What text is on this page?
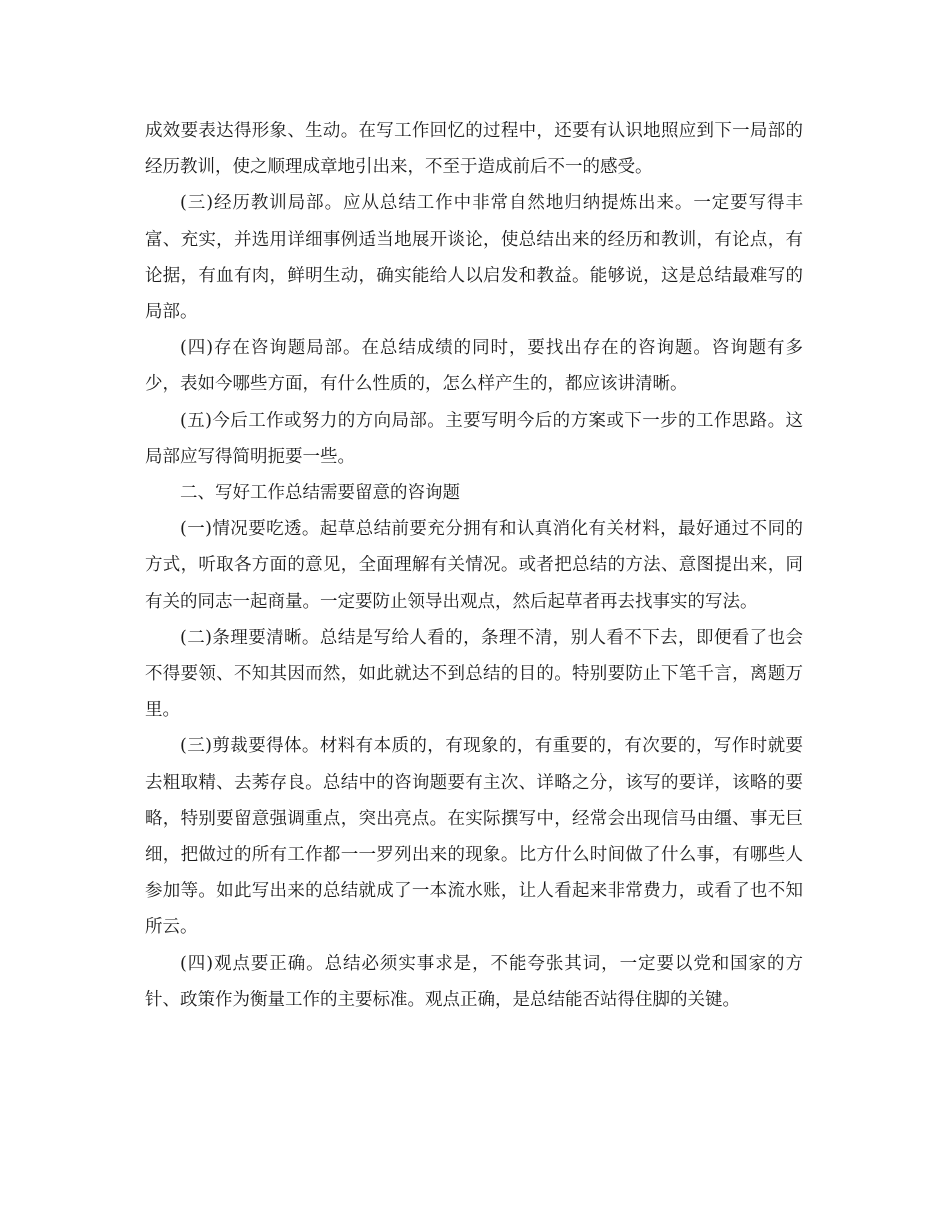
成效要表达得形象、生动。在写工作回忆的过程中，还要有认识地照应到下一局部的经历教训，使之顺理成章地引出来，不至于造成前后不一的感受。

(三)经历教训局部。应从总结工作中非常自然地归纳提炼出来。一定要写得丰富、充实，并选用详细事例适当地展开谈论，使总结出来的经历和教训，有论点，有论据，有血有肉，鲜明生动，确实能给人以启发和教益。能够说，这是总结最难写的局部。

(四)存在咨询题局部。在总结成绩的同时，要找出存在的咨询题。咨询题有多少，表如今哪些方面，有什么性质的，怎么样产生的，都应该讲清晰。

(五)今后工作或努力的方向局部。主要写明今后的方案或下一步的工作思路。这局部应写得简明扼要一些。

二、写好工作总结需要留意的咨询题

(一)情况要吃透。起草总结前要充分拥有和认真消化有关材料，最好通过不同的方式，听取各方面的意见，全面理解有关情况。或者把总结的方法、意图提出来，同有关的同志一起商量。一定要防止领导出观点，然后起草者再去找事实的写法。

(二)条理要清晰。总结是写给人看的，条理不清，别人看不下去，即便看了也会不得要领、不知其因而然，如此就达不到总结的目的。特别要防止下笔千言，离题万里。

(三)剪裁要得体。材料有本质的，有现象的，有重要的，有次要的，写作时就要去粗取精、去莠存良。总结中的咨询题要有主次、详略之分，该写的要详，该略的要略，特别要留意强调重点，突出亮点。在实际撰写中，经常会出现信马由缰、事无巨细，把做过的所有工作都一一罗列出来的现象。比方什么时间做了什么事，有哪些人参加等。如此写出来的总结就成了一本流水账，让人看起来非常费力，或看了也不知所云。

(四)观点要正确。总结必须实事求是，不能夸张其词，一定要以党和国家的方针、政策作为衡量工作的主要标准。观点正确，是总结能否站得住脚的关键。
